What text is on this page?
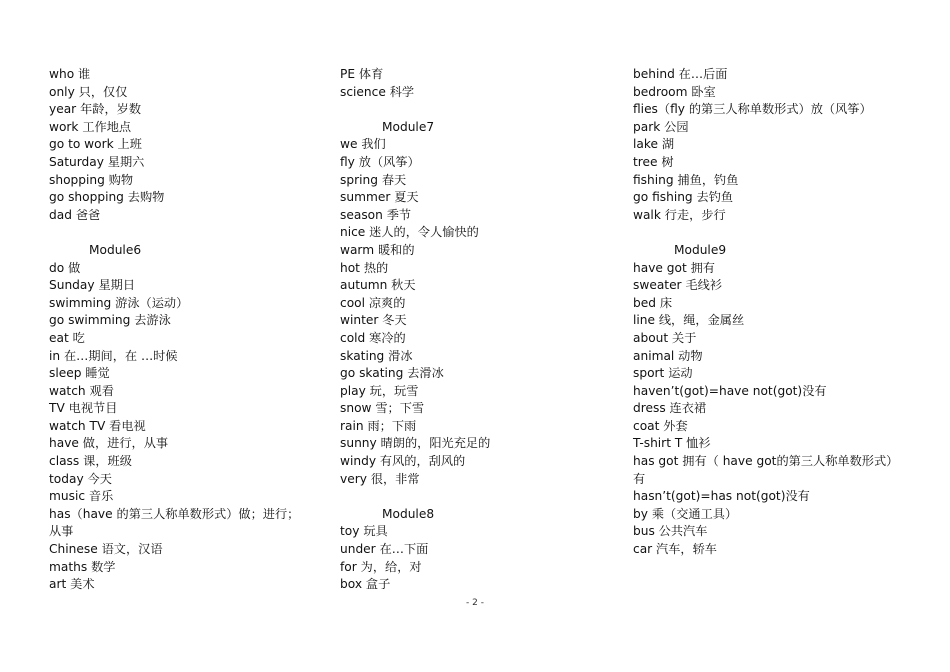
who 谁
only 只，仅仅
year 年龄，岁数
work 工作地点
go to work 上班
Saturday 星期六
shopping 购物
go shopping 去购物
dad 爸爸
Module6
do 做
Sunday 星期日
swimming 游泳（运动）
go swimming 去游泳
eat 吃
in 在…期间，在 …时候
sleep 睡觉
watch 观看
TV 电视节目
watch TV 看电视
have 做，进行，从事
class 课，班级
today 今天
music 音乐
has（have 的第三人称单数形式）做；进行；
从事
Chinese 语文，汉语
maths 数学
art 美术
PE 体育
science 科学
Module7
we 我们
fly 放（风筝）
spring 春天
summer 夏天
season 季节
nice 迷人的，令人愉快的
warm 暖和的
hot 热的
autumn 秋天
cool 凉爽的
winter 冬天
cold 寒冷的
skating 滑冰
go skating 去滑冰
play 玩，玩雪
snow 雪；下雪
rain 雨；下雨
sunny 晴朗的，阳光充足的
windy 有风的，刮风的
very 很，非常
Module8
toy 玩具
under 在…下面
for 为，给，对
box 盒子
behind 在…后面
bedroom 卧室
flies（fly 的第三人称单数形式）放（风筝）
park 公园
lake 湖
tree 树
fishing 捕鱼，钓鱼
go fishing 去钓鱼
walk 行走，步行
Module9
have got 拥有
sweater 毛线衫
bed 床
line 线，绳，金属丝
about 关于
animal 动物
sport 运动
haven’t(got)=have not(got)没有
dress 连衣裙
coat 外套
T-shirt T 恤衫
has got 拥有（ have got的第三人称单数形式）
有
hasn’t(got)=has not(got)没有
by 乘（交通工具）
bus 公共汽车
car 汽车，轿车
- 2 -
